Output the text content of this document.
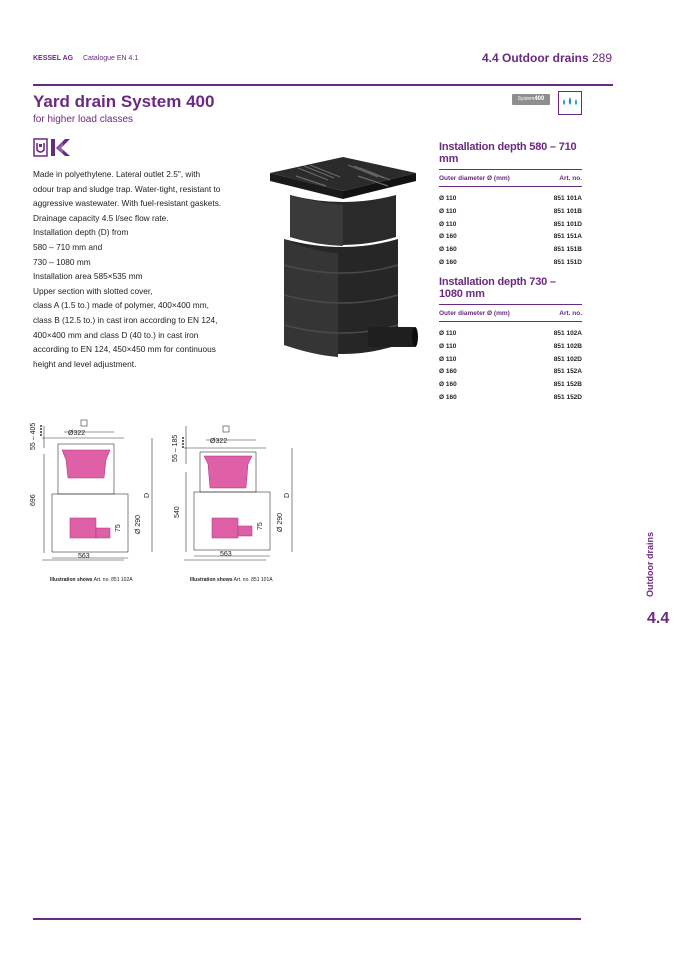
KESSEL AG Catalogue EN 4.1	4.4 Outdoor drains 289
Yard drain System 400
for higher load classes
System400
Made in polyethylene. Lateral outlet 2.5", with
odour trap and sludge trap. Water-tight, resistant to
aggressive wastewater. With fuel-resistant gaskets.
Drainage capacity 4.5 l/sec flow rate.
Installation depth (D) from
580 – 710 mm and
730 – 1080 mm
Installation area 585×535 mm
Upper section with slotted cover,
class A (1.5 to.) made of polymer, 400×400 mm,
class B (12.5 to.) in cast iron according to EN 124,
400×400 mm and class D (40 to.) in cast iron
according to EN 124, 450×450 mm for continuous
height and level adjustment.
Installation depth 580 – 710 mm
Outer diameter Ø (mm)	Art. no.
Ø 110	851 101A
Ø 110	851 101B
Ø 110	851 101D
Ø 160	851 151A
Ø 160	851 151B
Ø 160	851 151D
Installation depth 730 – 1080 mm
Outer diameter Ø (mm)	Art. no.
Ø 110	851 102A
Ø 110	851 102B
Ø 110	851 102D
Ø 160	851 152A
Ø 160	851 152B
Ø 160	851 152D
55 – 405	Ø322
696	D
75 Ø 290
563
Illustration shows Art. no. 851 102A
55 – 185	Ø322
540
D
75 Ø 290
563
Illustration shows Art. no. 851 101A	Outdoor drains
4.4
